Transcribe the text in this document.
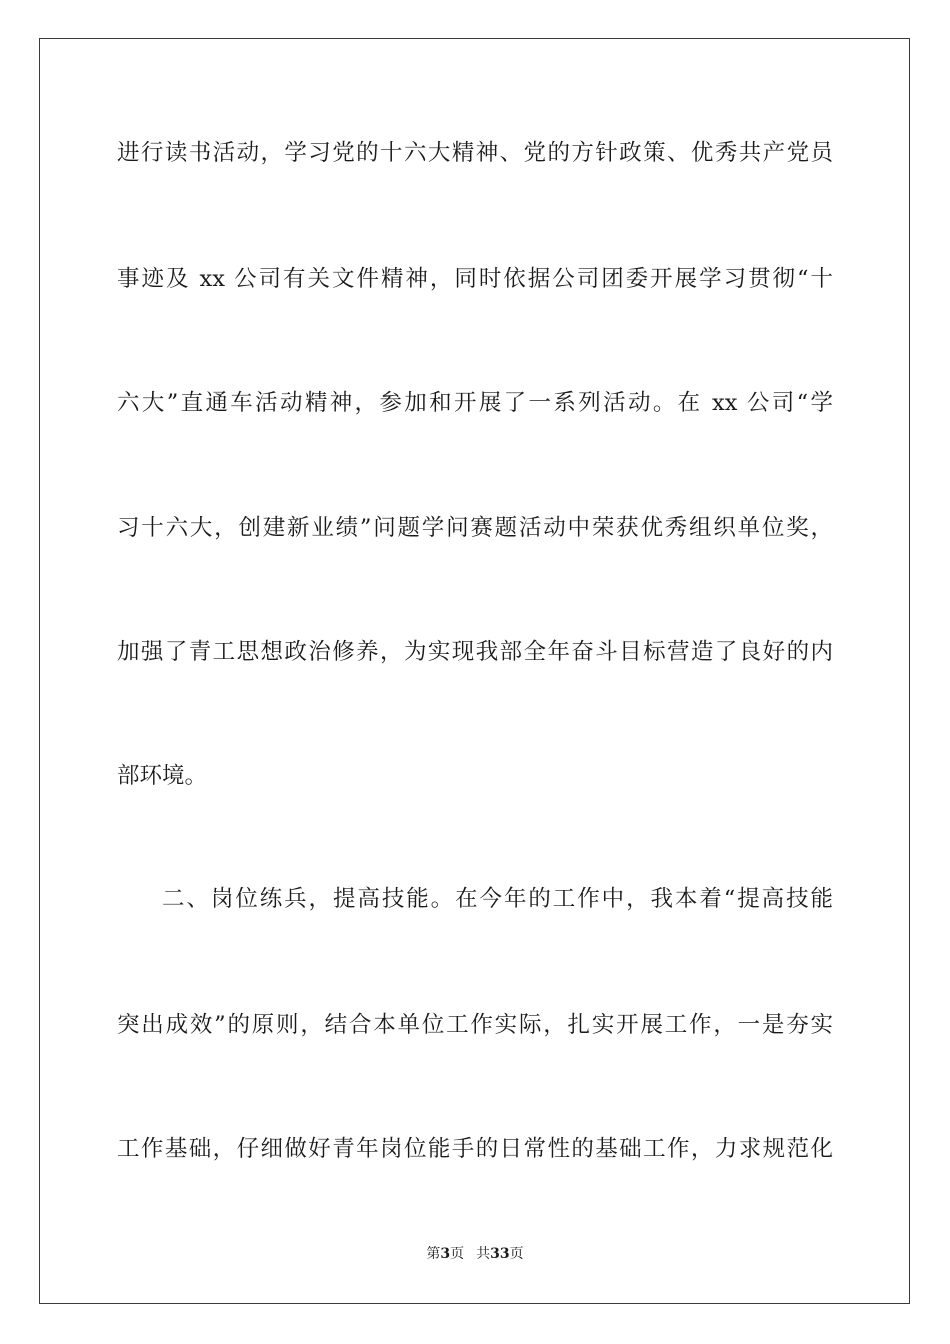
进行读书活动，学习党的十六大精神、党的方针政策、优秀共产党员
事迹及 xx 公司有关文件精神，同时依据公司团委开展学习贯彻“十
六大”直通车活动精神，参加和开展了一系列活动。在 xx 公司“学
习十六大，创建新业绩”问题学问赛题活动中荣获优秀组织单位奖，
加强了青工思想政治修养，为实现我部全年奋斗目标营造了良好的内
部环境。
二、岗位练兵，提高技能。在今年的工作中，我本着“提高技能
突出成效”的原则，结合本单位工作实际，扎实开展工作，一是夯实
工作基础，仔细做好青年岗位能手的日常性的基础工作，力求规范化
第3页 共33页
